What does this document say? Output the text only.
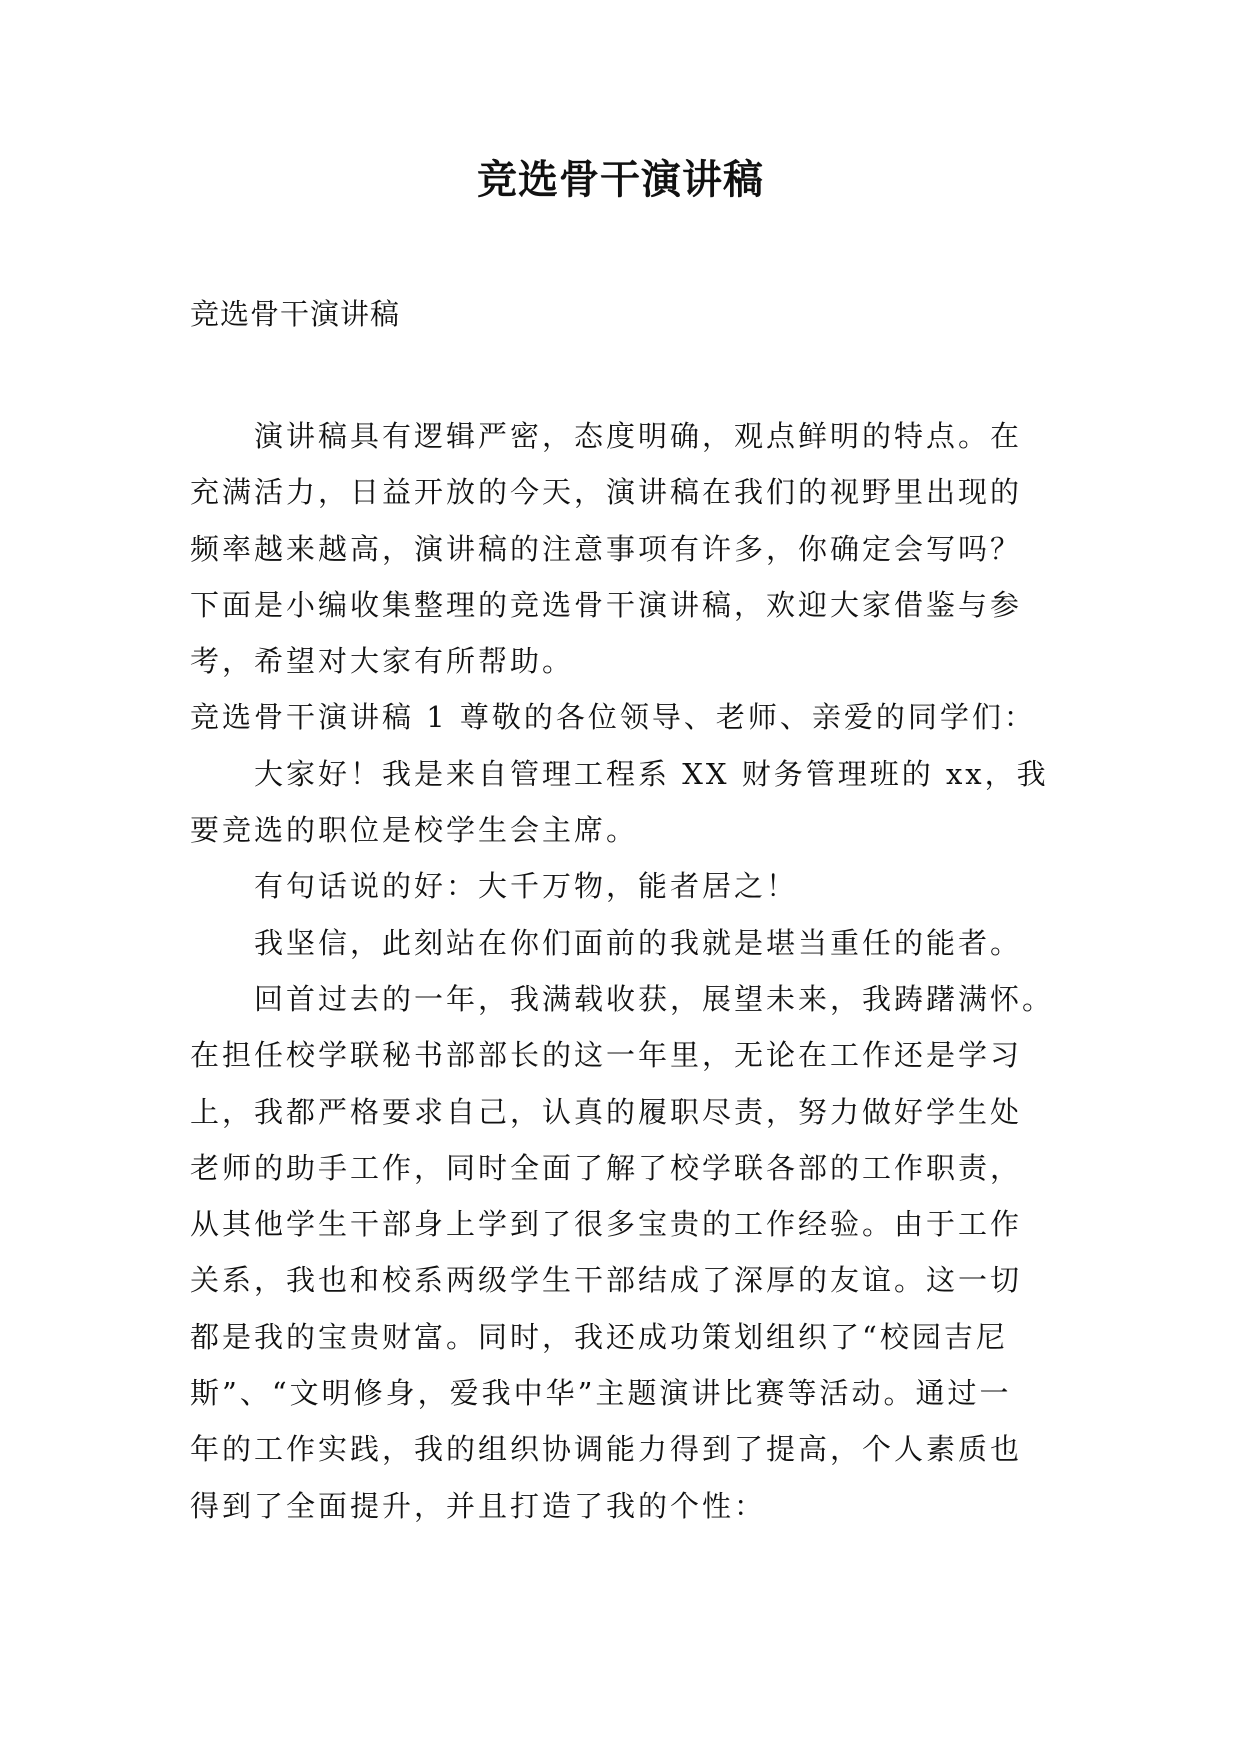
竞选骨干演讲稿
竞选骨干演讲稿
演讲稿具有逻辑严密，态度明确，观点鲜明的特点。在
充满活力，日益开放的今天，演讲稿在我们的视野里出现的
频率越来越高，演讲稿的注意事项有许多，你确定会写吗？
下面是小编收集整理的竞选骨干演讲稿，欢迎大家借鉴与参
考，希望对大家有所帮助。
竞选骨干演讲稿 1 尊敬的各位领导、老师、亲爱的同学们：
大家好！我是来自管理工程系 XX 财务管理班的 xx，我
要竞选的职位是校学生会主席。
有句话说的好：大千万物，能者居之！
我坚信，此刻站在你们面前的我就是堪当重任的能者。
回首过去的一年，我满载收获，展望未来，我踌躇满怀。
在担任校学联秘书部部长的这一年里，无论在工作还是学习
上，我都严格要求自己，认真的履职尽责，努力做好学生处
老师的助手工作，同时全面了解了校学联各部的工作职责，
从其他学生干部身上学到了很多宝贵的工作经验。由于工作
关系，我也和校系两级学生干部结成了深厚的友谊。这一切
都是我的宝贵财富。同时，我还成功策划组织了“校园吉尼
斯”、“文明修身，爱我中华”主题演讲比赛等活动。通过一
年的工作实践，我的组织协调能力得到了提高，个人素质也
得到了全面提升，并且打造了我的个性：
